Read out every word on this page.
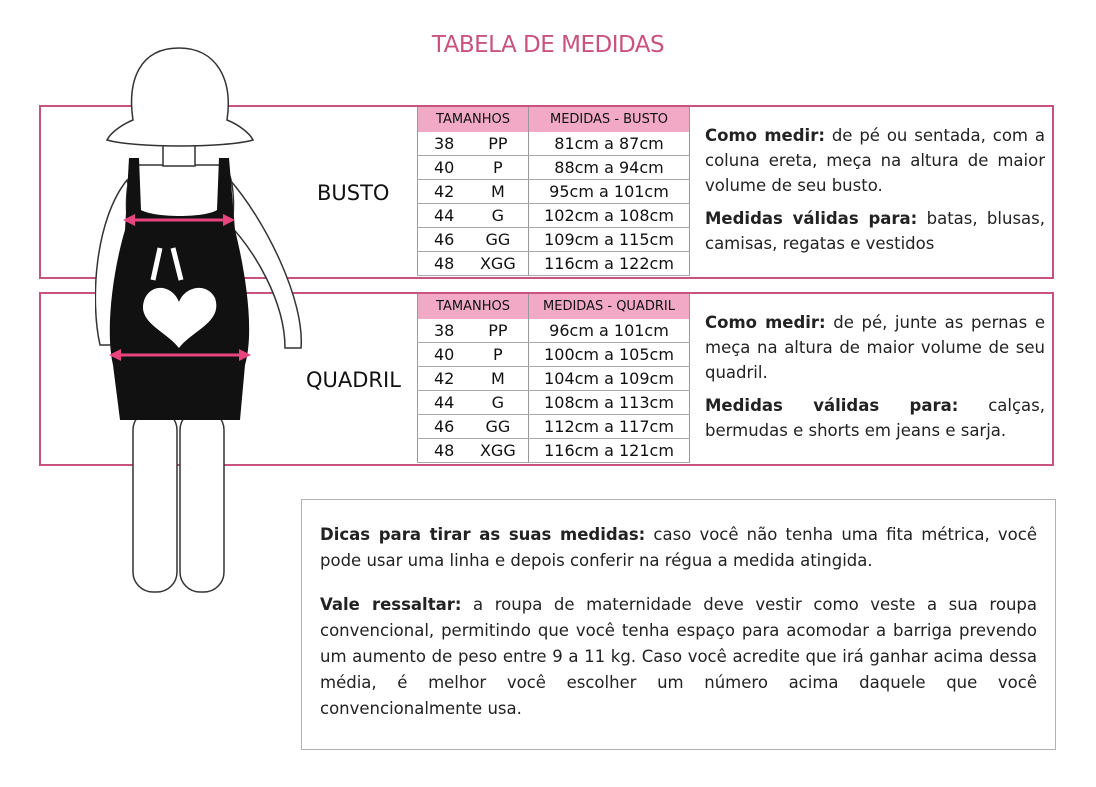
TABELA DE MEDIDAS
BUSTO
TAMANHOS		MEDIDAS - BUSTO
38	PP	81cm a 87cm
40	P	88cm a 94cm
42	M	95cm a 101cm
44	G	102cm a 108cm
46	GG	109cm a 115cm
48	XGG	116cm a 122cm

Como medir: de pé ou sentada, com a coluna ereta, meça na altura de maior volume de seu busto.

Medidas válidas para: batas, blusas, camisas, regatas e vestidos

QUADRIL
TAMANHOS		MEDIDAS - QUADRIL
38	PP	96cm a 101cm
40	P	100cm a 105cm
42	M	104cm a 109cm
44	G	108cm a 113cm
46	GG	112cm a 117cm
48	XGG	116cm a 121cm

Como medir: de pé, junte as pernas e meça na altura de maior volume de seu quadril.

Medidas válidas para: calças, bermudas e shorts em jeans e sarja.

Dicas para tirar as suas medidas: caso você não tenha uma fita métrica, você pode usar uma linha e depois conferir na régua a medida atingida.

Vale ressaltar: a roupa de maternidade deve vestir como veste a sua roupa convencional, permitindo que você tenha espaço para acomodar a barriga prevendo um aumento de peso entre 9 a 11 kg. Caso você acredite que irá ganhar acima dessa média, é melhor você escolher um número acima daquele que você convencionalmente usa.
